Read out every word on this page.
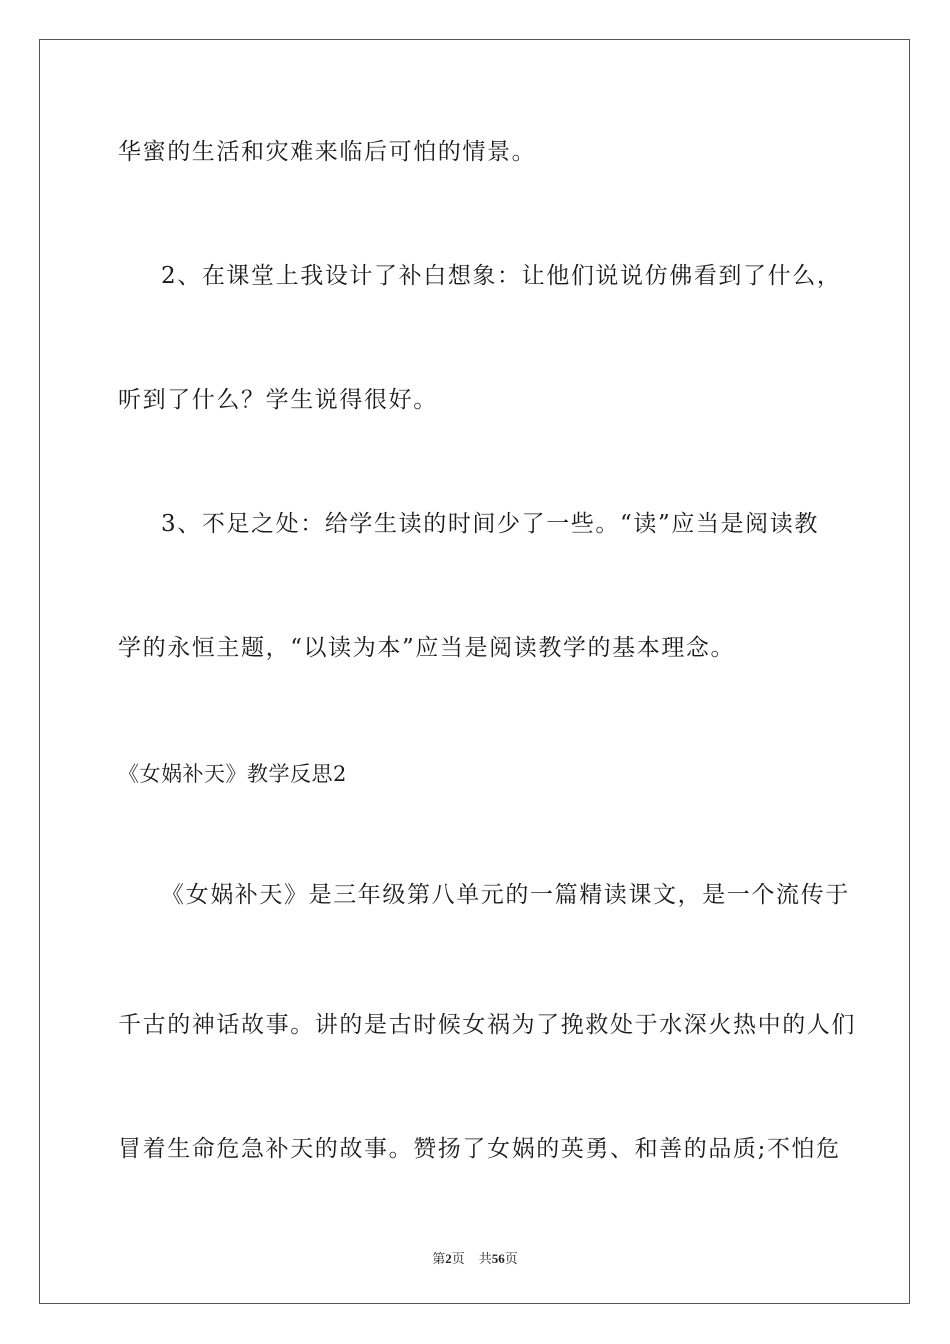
华蜜的生活和灾难来临后可怕的情景。
2、在课堂上我设计了补白想象：让他们说说仿佛看到了什么，
听到了什么？学生说得很好。
3、不足之处：给学生读的时间少了一些。“读”应当是阅读教
学的永恒主题，“以读为本”应当是阅读教学的基本理念。
《女娲补天》教学反思2
《女娲补天》是三年级第八单元的一篇精读课文，是一个流传于
千古的神话故事。讲的是古时候女祸为了挽救处于水深火热中的人们
冒着生命危急补天的故事。赞扬了女娲的英勇、和善的品质;不怕危
第2页 共56页
